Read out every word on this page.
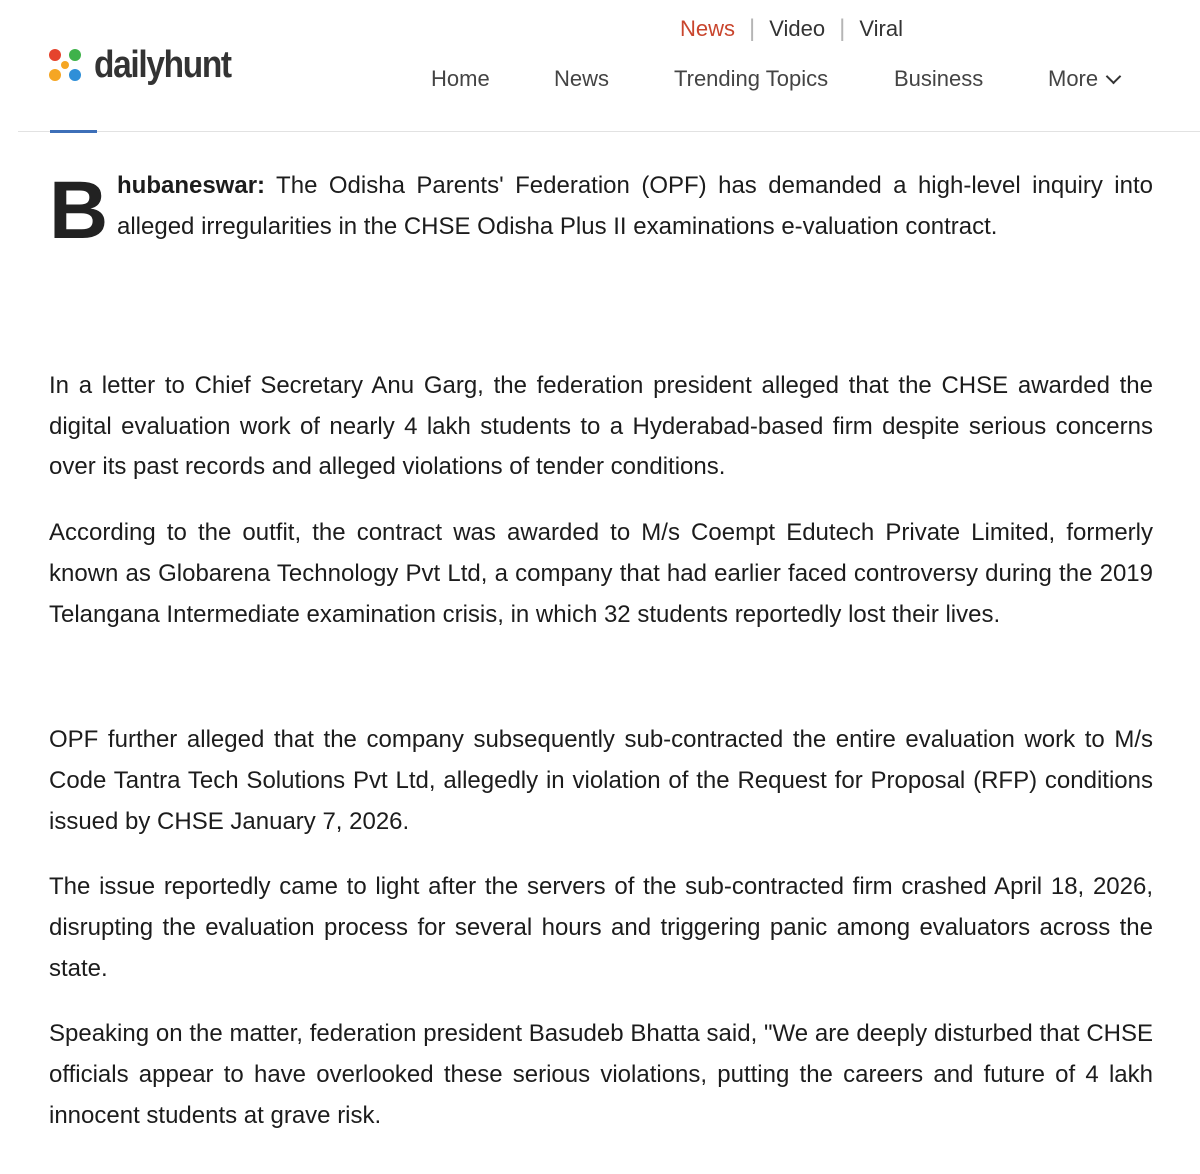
dailyhunt
News | Video | Viral
Home	News	Trending Topics	Business	More
B hubaneswar: The Odisha Parents' Federation (OPF) has demanded a high-level inquiry into alleged irregularities in the CHSE Odisha Plus II examinations e-valuation contract.

In a letter to Chief Secretary Anu Garg, the federation president alleged that the CHSE awarded the digital evaluation work of nearly 4 lakh students to a Hyderabad-based firm despite serious concerns over its past records and alleged violations of tender conditions.

According to the outfit, the contract was awarded to M/s Coempt Edutech Private Limited, formerly known as Globarena Technology Pvt Ltd, a company that had earlier faced controversy during the 2019 Telangana Intermediate examination crisis, in which 32 students reportedly lost their lives.

OPF further alleged that the company subsequently sub-contracted the entire evaluation work to M/s Code Tantra Tech Solutions Pvt Ltd, allegedly in violation of the Request for Proposal (RFP) conditions issued by CHSE January 7, 2026.

The issue reportedly came to light after the servers of the sub-contracted firm crashed April 18, 2026, disrupting the evaluation process for several hours and triggering panic among evaluators across the state.

Speaking on the matter, federation president Basudeb Bhatta said, "We are deeply disturbed that CHSE officials appear to have overlooked these serious violations, putting the careers and future of 4 lakh innocent students at grave risk.
